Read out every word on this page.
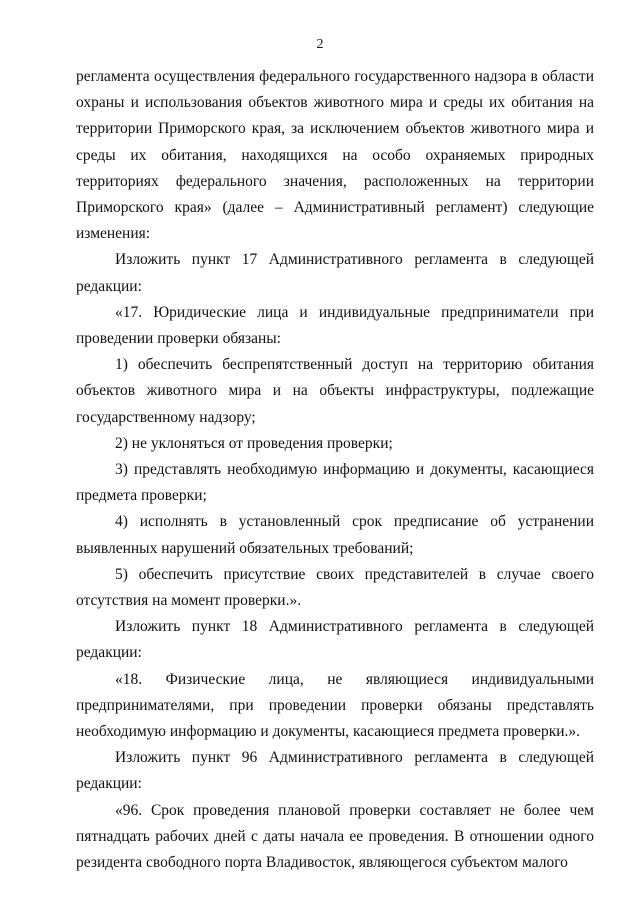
2

регламента осуществления федерального государственного надзора в области охраны и использования объектов животного мира и среды их обитания на территории Приморского края, за исключением объектов животного мира и среды их обитания, находящихся на особо охраняемых природных территориях федерального значения, расположенных на территории Приморского края» (далее – Административный регламент) следующие изменения:

Изложить пункт 17 Административного регламента в следующей редакции:

«17. Юридические лица и индивидуальные предприниматели при проведении проверки обязаны:

1) обеспечить беспрепятственный доступ на территорию обитания объектов животного мира и на объекты инфраструктуры, подлежащие государственному надзору;

2) не уклоняться от проведения проверки;

3) представлять необходимую информацию и документы, касающиеся предмета проверки;

4) исполнять в установленный срок предписание об устранении выявленных нарушений обязательных требований;

5) обеспечить присутствие своих представителей в случае своего отсутствия на момент проверки.».

Изложить пункт 18 Административного регламента в следующей редакции:

«18. Физические лица, не являющиеся индивидуальными предпринимателями, при проведении проверки обязаны представлять необходимую информацию и документы, касающиеся предмета проверки.».

Изложить пункт 96 Административного регламента в следующей редакции:

«96. Срок проведения плановой проверки составляет не более чем пятнадцать рабочих дней с даты начала ее проведения. В отношении одного резидента свободного порта Владивосток, являющегося субъектом малого
